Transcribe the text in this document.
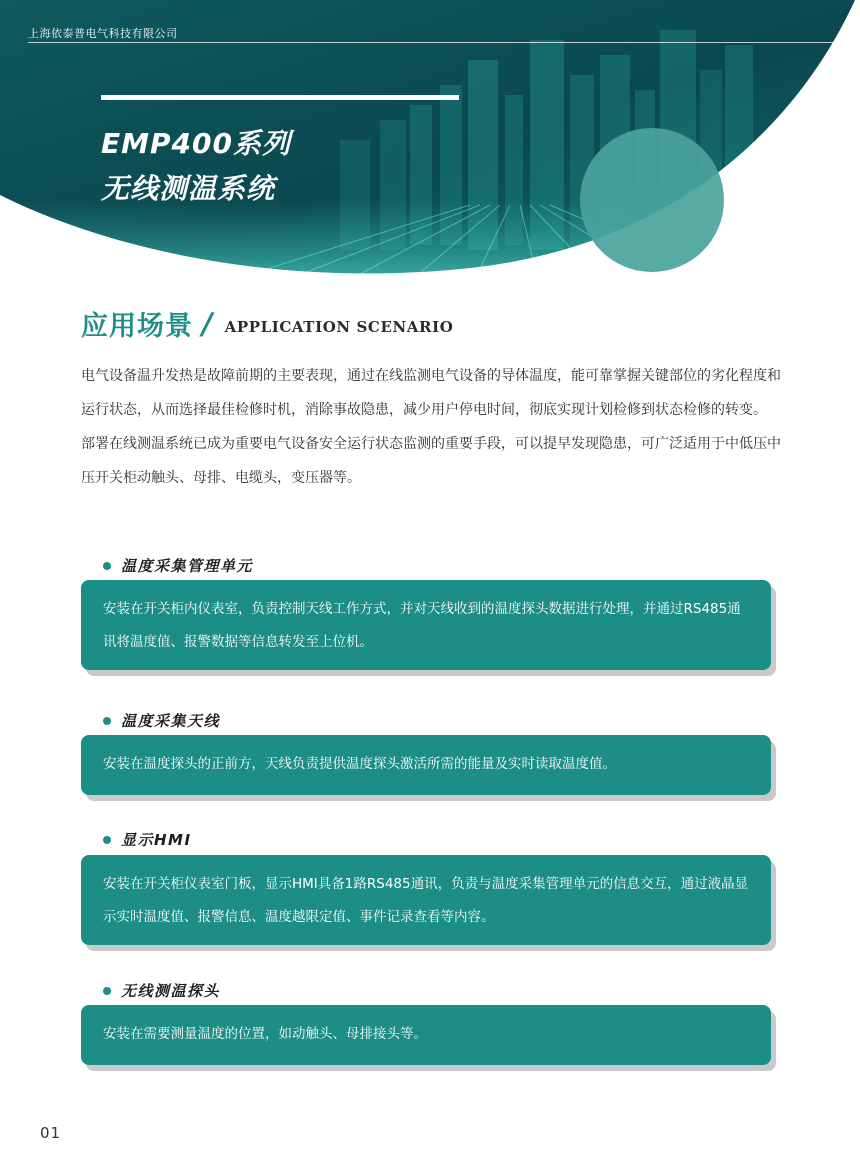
上海依泰普电气科技有限公司
EMP400系列
无线测温系统
应用场景 / APPLICATION SCENARIO

电气设备温升发热是故障前期的主要表现，通过在线监测电气设备的导体温度，能可靠掌握关键部位的劣化程度和运行状态，从而选择最佳检修时机，消除事故隐患，减少用户停电时间，彻底实现计划检修到状态检修的转变。

部署在线测温系统已成为重要电气设备安全运行状态监测的重要手段，可以提早发现隐患，可广泛适用于中低压中压开关柜动触头、母排、电缆头，变压器等。

温度采集管理单元
安装在开关柜内仪表室，负责控制天线工作方式，并对天线收到的温度探头数据进行处理，并通过RS485通讯将温度值、报警数据等信息转发至上位机。
温度采集天线
安装在温度探头的正前方，天线负责提供温度探头激活所需的能量及实时读取温度值。
显示HMI
安装在开关柜仪表室门板，显示HMI具备1路RS485通讯，负责与温度采集管理单元的信息交互，通过液晶显示实时温度值、报警信息、温度越限定值、事件记录查看等内容。
无线测温探头
安装在需要测量温度的位置，如动触头、母排接头等。
01
